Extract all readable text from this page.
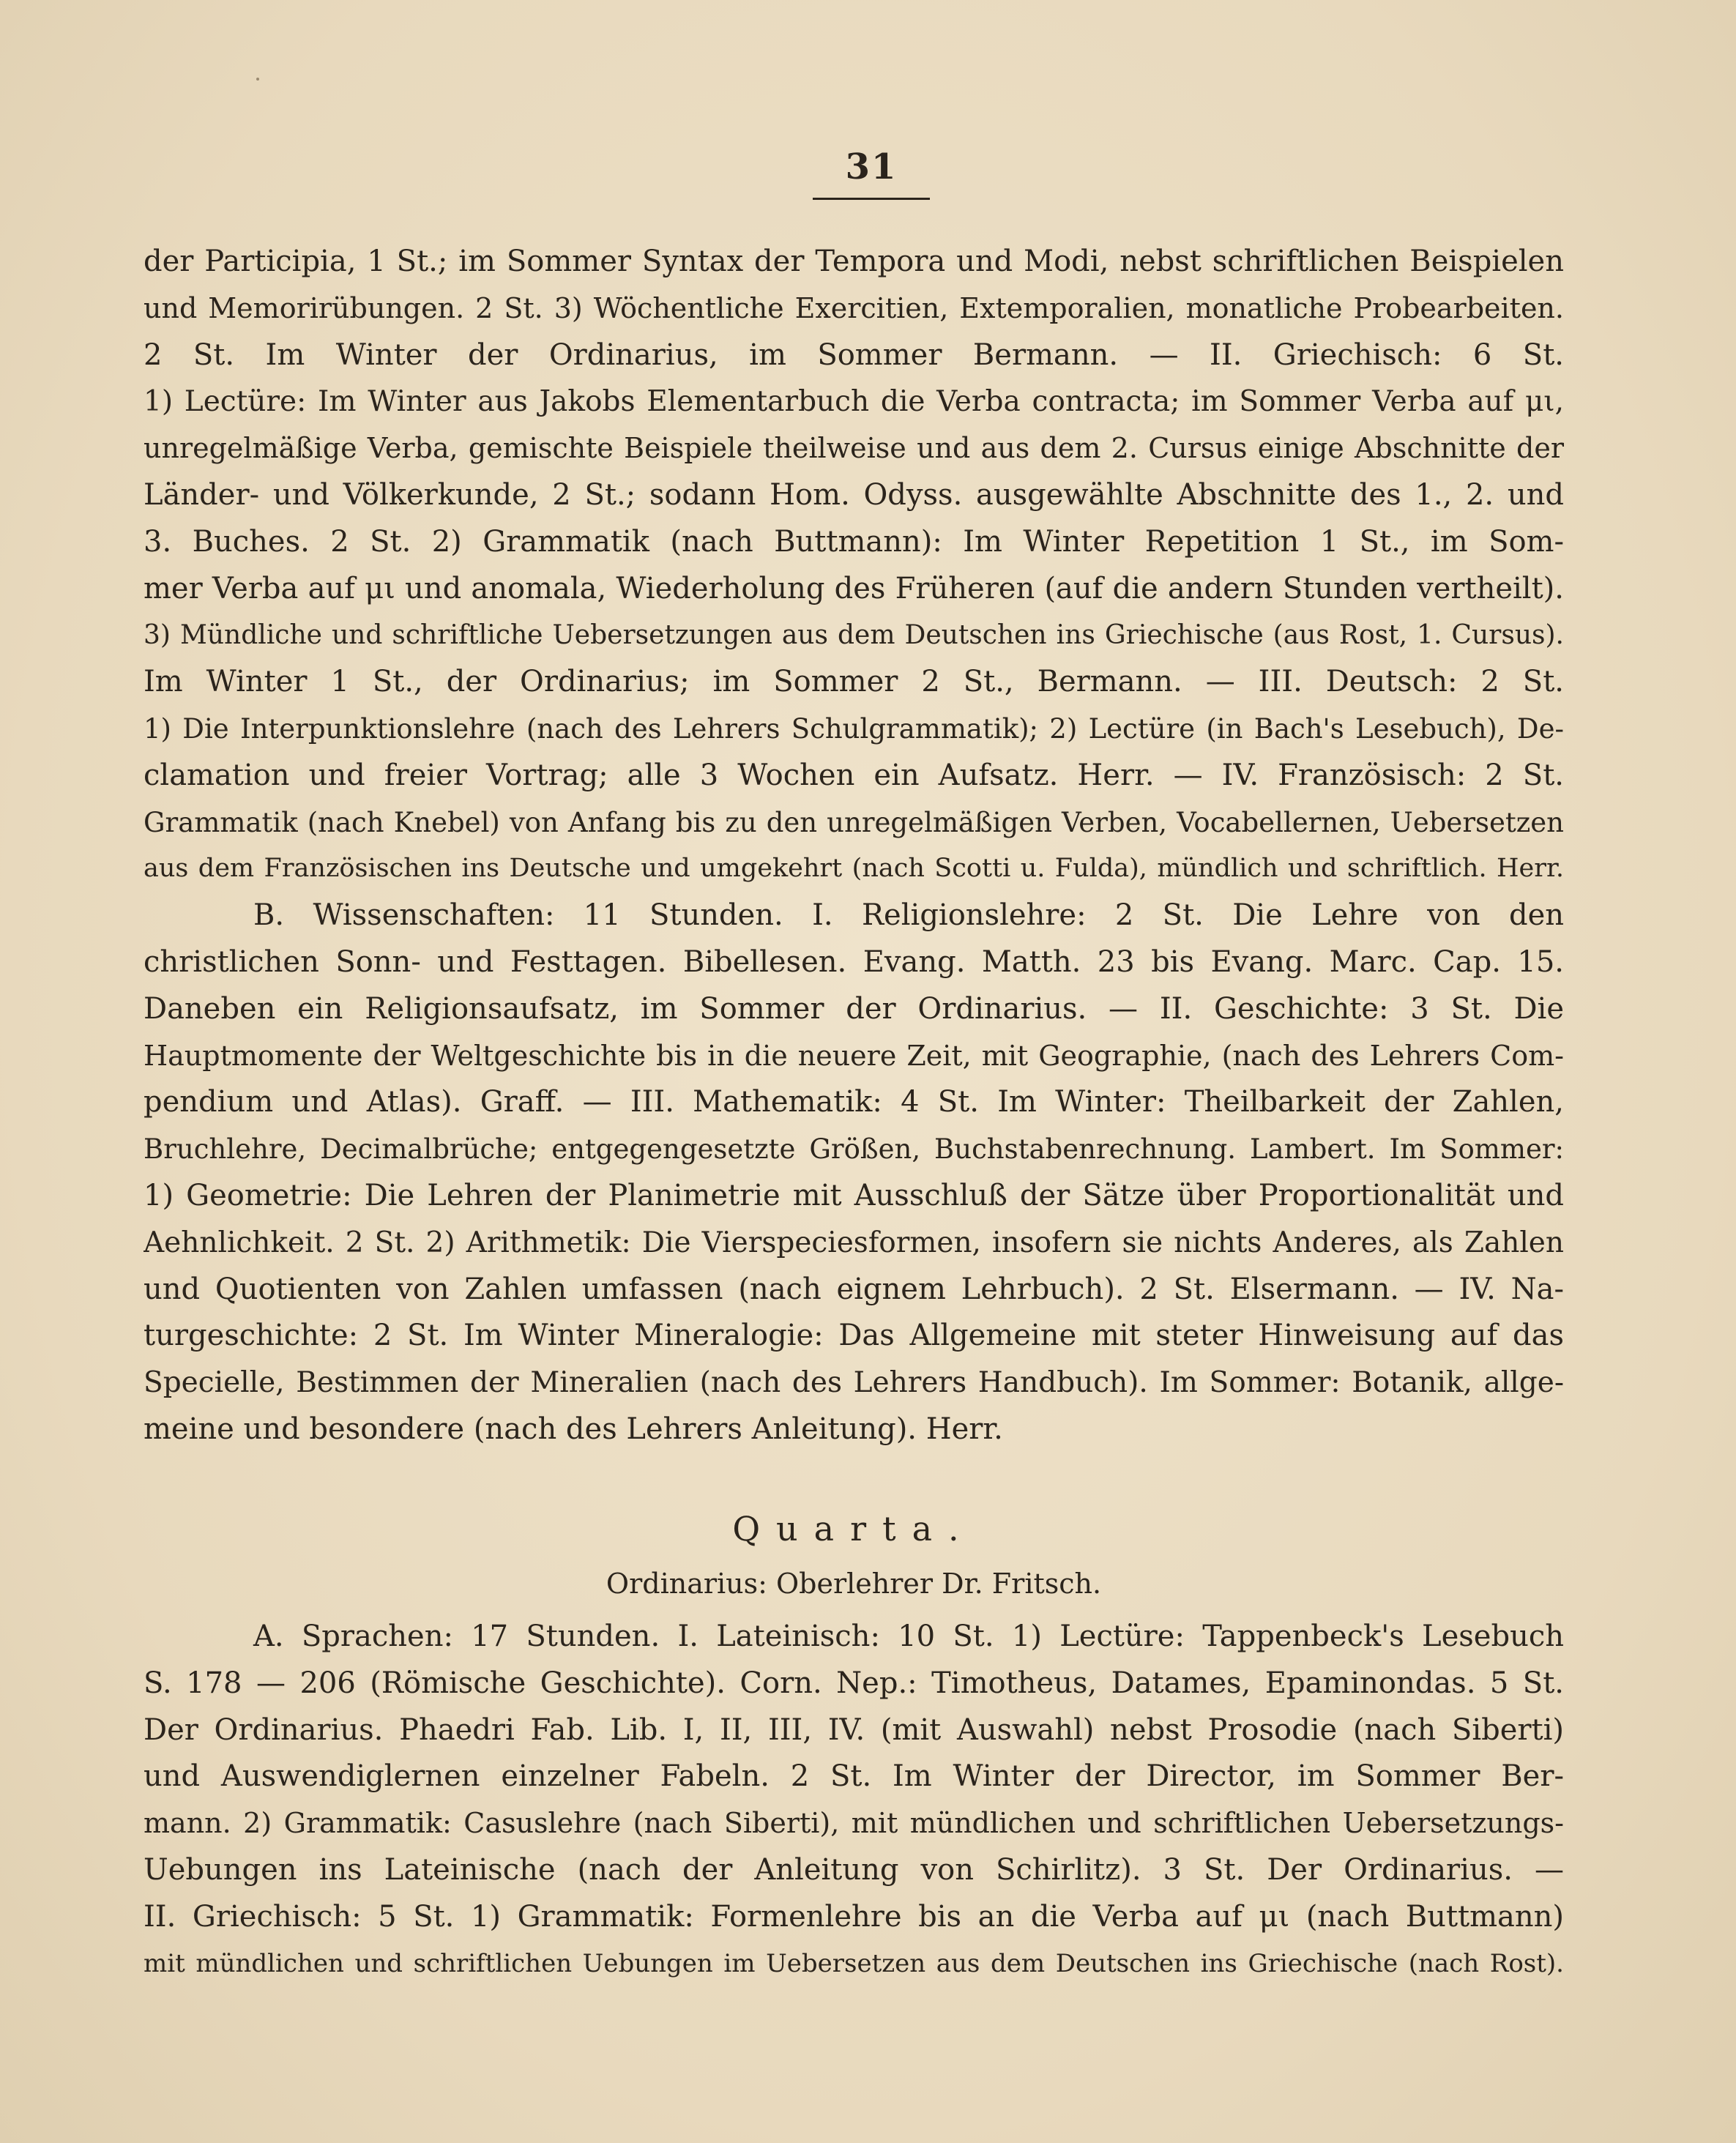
31
der Participia, 1 St.; im Sommer Syntax der Tempora und Modi, nebst schriftlichen Beispielen
und Memorirübungen. 2 St. 3) Wöchentliche Exercitien, Extemporalien, monatliche Probearbeiten.
2 St. Im Winter der Ordinarius, im Sommer Bermann. — II. Griechisch: 6 St.
1) Lectüre: Im Winter aus Jakobs Elementarbuch die Verba contracta; im Sommer Verba auf μι,
unregelmäßige Verba, gemischte Beispiele theilweise und aus dem 2. Cursus einige Abschnitte der
Länder- und Völkerkunde, 2 St.; sodann Hom. Odyss. ausgewählte Abschnitte des 1., 2. und
3. Buches. 2 St. 2) Grammatik (nach Buttmann): Im Winter Repetition 1 St., im Som-
mer Verba auf μι und anomala, Wiederholung des Früheren (auf die andern Stunden vertheilt).
3) Mündliche und schriftliche Uebersetzungen aus dem Deutschen ins Griechische (aus Rost, 1. Cursus).
Im Winter 1 St., der Ordinarius; im Sommer 2 St., Bermann. — III. Deutsch: 2 St.
1) Die Interpunktionslehre (nach des Lehrers Schulgrammatik); 2) Lectüre (in Bach's Lesebuch), De-
clamation und freier Vortrag; alle 3 Wochen ein Aufsatz. Herr. — IV. Französisch: 2 St.
Grammatik (nach Knebel) von Anfang bis zu den unregelmäßigen Verben, Vocabellernen, Uebersetzen
aus dem Französischen ins Deutsche und umgekehrt (nach Scotti u. Fulda), mündlich und schriftlich. Herr.
B. Wissenschaften: 11 Stunden. I. Religionslehre: 2 St. Die Lehre von den
christlichen Sonn- und Festtagen. Bibellesen. Evang. Matth. 23 bis Evang. Marc. Cap. 15.
Daneben ein Religionsaufsatz, im Sommer der Ordinarius. — II. Geschichte: 3 St. Die
Hauptmomente der Weltgeschichte bis in die neuere Zeit, mit Geographie, (nach des Lehrers Com-
pendium und Atlas). Graff. — III. Mathematik: 4 St. Im Winter: Theilbarkeit der Zahlen,
Bruchlehre, Decimalbrüche; entgegengesetzte Größen, Buchstabenrechnung. Lambert. Im Sommer:
1) Geometrie: Die Lehren der Planimetrie mit Ausschluß der Sätze über Proportionalität und
Aehnlichkeit. 2 St. 2) Arithmetik: Die Vierspeciesformen, insofern sie nichts Anderes, als Zahlen
und Quotienten von Zahlen umfassen (nach eignem Lehrbuch). 2 St. Elsermann. — IV. Na-
turgeschichte: 2 St. Im Winter Mineralogie: Das Allgemeine mit steter Hinweisung auf das
Specielle, Bestimmen der Mineralien (nach des Lehrers Handbuch). Im Sommer: Botanik, allge-
meine und besondere (nach des Lehrers Anleitung). Herr.
Quarta.
Ordinarius: Oberlehrer Dr. Fritsch.
A. Sprachen: 17 Stunden. I. Lateinisch: 10 St. 1) Lectüre: Tappenbeck's Lesebuch
S. 178 — 206 (Römische Geschichte). Corn. Nep.: Timotheus, Datames, Epaminondas. 5 St.
Der Ordinarius. Phaedri Fab. Lib. I, II, III, IV. (mit Auswahl) nebst Prosodie (nach Siberti)
und Auswendiglernen einzelner Fabeln. 2 St. Im Winter der Director, im Sommer Ber-
mann. 2) Grammatik: Casuslehre (nach Siberti), mit mündlichen und schriftlichen Uebersetzungs-
Uebungen ins Lateinische (nach der Anleitung von Schirlitz). 3 St. Der Ordinarius. —
II. Griechisch: 5 St. 1) Grammatik: Formenlehre bis an die Verba auf μι (nach Buttmann)
mit mündlichen und schriftlichen Uebungen im Uebersetzen aus dem Deutschen ins Griechische (nach Rost).
